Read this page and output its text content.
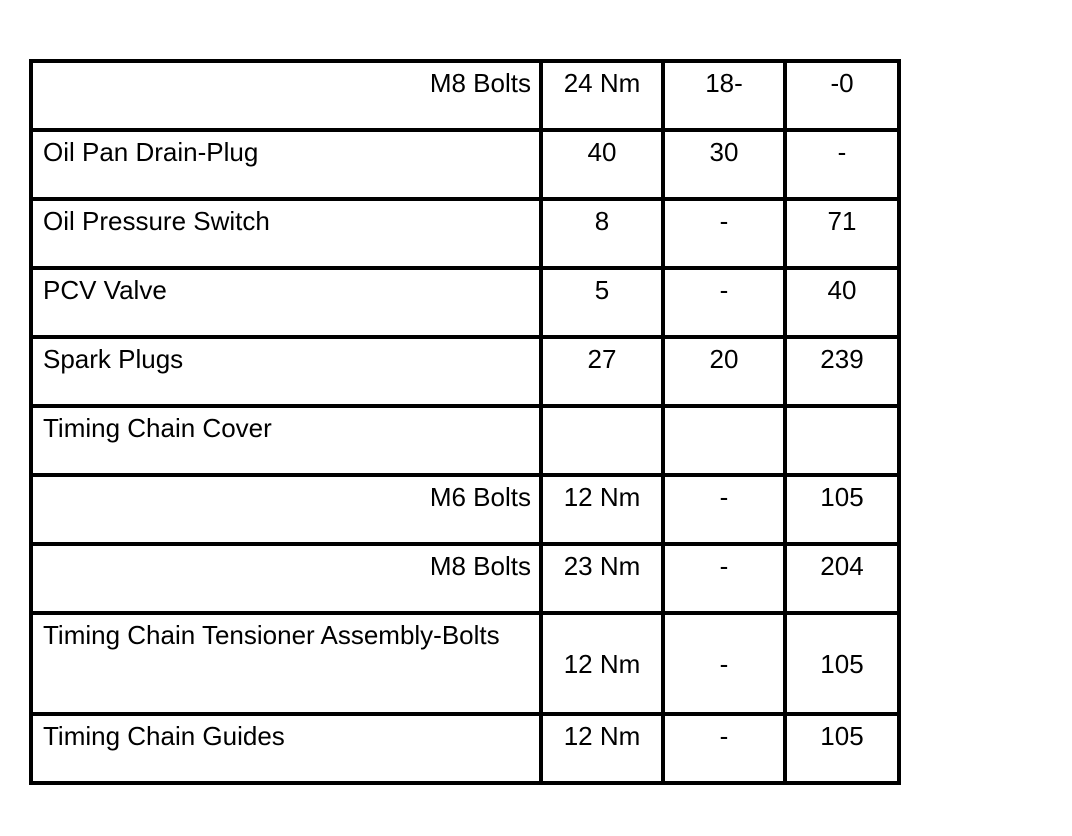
M8 Bolts	24 Nm	18-	-0
Oil Pan Drain-Plug	40	30	-
Oil Pressure Switch	8	-	71
PCV Valve	5	-	40
Spark Plugs	27	20	239
Timing Chain Cover			
M6 Bolts	12 Nm	-	105
M8 Bolts	23 Nm	-	204
Timing Chain Tensioner Assembly-Bolts	12 Nm	-	105
Timing Chain Guides	12 Nm	-	105
